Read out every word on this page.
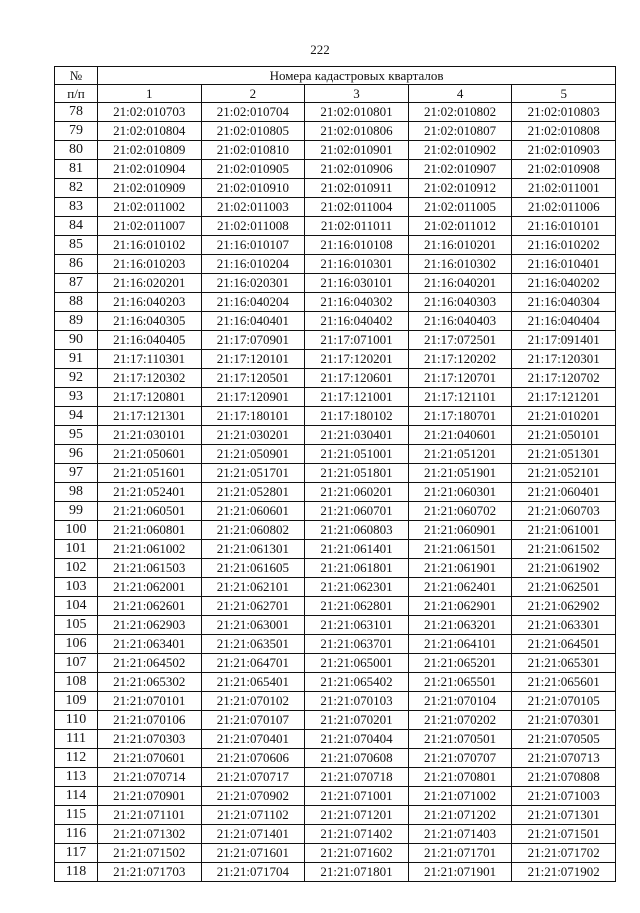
222
№	Номера кадастровых кварталов				
п/п	1	2	3	4	5
78	21:02:010703	21:02:010704	21:02:010801	21:02:010802	21:02:010803
79	21:02:010804	21:02:010805	21:02:010806	21:02:010807	21:02:010808
80	21:02:010809	21:02:010810	21:02:010901	21:02:010902	21:02:010903
81	21:02:010904	21:02:010905	21:02:010906	21:02:010907	21:02:010908
82	21:02:010909	21:02:010910	21:02:010911	21:02:010912	21:02:011001
83	21:02:011002	21:02:011003	21:02:011004	21:02:011005	21:02:011006
84	21:02:011007	21:02:011008	21:02:011011	21:02:011012	21:16:010101
85	21:16:010102	21:16:010107	21:16:010108	21:16:010201	21:16:010202
86	21:16:010203	21:16:010204	21:16:010301	21:16:010302	21:16:010401
87	21:16:020201	21:16:020301	21:16:030101	21:16:040201	21:16:040202
88	21:16:040203	21:16:040204	21:16:040302	21:16:040303	21:16:040304
89	21:16:040305	21:16:040401	21:16:040402	21:16:040403	21:16:040404
90	21:16:040405	21:17:070901	21:17:071001	21:17:072501	21:17:091401
91	21:17:110301	21:17:120101	21:17:120201	21:17:120202	21:17:120301
92	21:17:120302	21:17:120501	21:17:120601	21:17:120701	21:17:120702
93	21:17:120801	21:17:120901	21:17:121001	21:17:121101	21:17:121201
94	21:17:121301	21:17:180101	21:17:180102	21:17:180701	21:21:010201
95	21:21:030101	21:21:030201	21:21:030401	21:21:040601	21:21:050101
96	21:21:050601	21:21:050901	21:21:051001	21:21:051201	21:21:051301
97	21:21:051601	21:21:051701	21:21:051801	21:21:051901	21:21:052101
98	21:21:052401	21:21:052801	21:21:060201	21:21:060301	21:21:060401
99	21:21:060501	21:21:060601	21:21:060701	21:21:060702	21:21:060703
100	21:21:060801	21:21:060802	21:21:060803	21:21:060901	21:21:061001
101	21:21:061002	21:21:061301	21:21:061401	21:21:061501	21:21:061502
102	21:21:061503	21:21:061605	21:21:061801	21:21:061901	21:21:061902
103	21:21:062001	21:21:062101	21:21:062301	21:21:062401	21:21:062501
104	21:21:062601	21:21:062701	21:21:062801	21:21:062901	21:21:062902
105	21:21:062903	21:21:063001	21:21:063101	21:21:063201	21:21:063301
106	21:21:063401	21:21:063501	21:21:063701	21:21:064101	21:21:064501
107	21:21:064502	21:21:064701	21:21:065001	21:21:065201	21:21:065301
108	21:21:065302	21:21:065401	21:21:065402	21:21:065501	21:21:065601
109	21:21:070101	21:21:070102	21:21:070103	21:21:070104	21:21:070105
110	21:21:070106	21:21:070107	21:21:070201	21:21:070202	21:21:070301
111	21:21:070303	21:21:070401	21:21:070404	21:21:070501	21:21:070505
112	21:21:070601	21:21:070606	21:21:070608	21:21:070707	21:21:070713
113	21:21:070714	21:21:070717	21:21:070718	21:21:070801	21:21:070808
114	21:21:070901	21:21:070902	21:21:071001	21:21:071002	21:21:071003
115	21:21:071101	21:21:071102	21:21:071201	21:21:071202	21:21:071301
116	21:21:071302	21:21:071401	21:21:071402	21:21:071403	21:21:071501
117	21:21:071502	21:21:071601	21:21:071602	21:21:071701	21:21:071702
118	21:21:071703	21:21:071704	21:21:071801	21:21:071901	21:21:071902
